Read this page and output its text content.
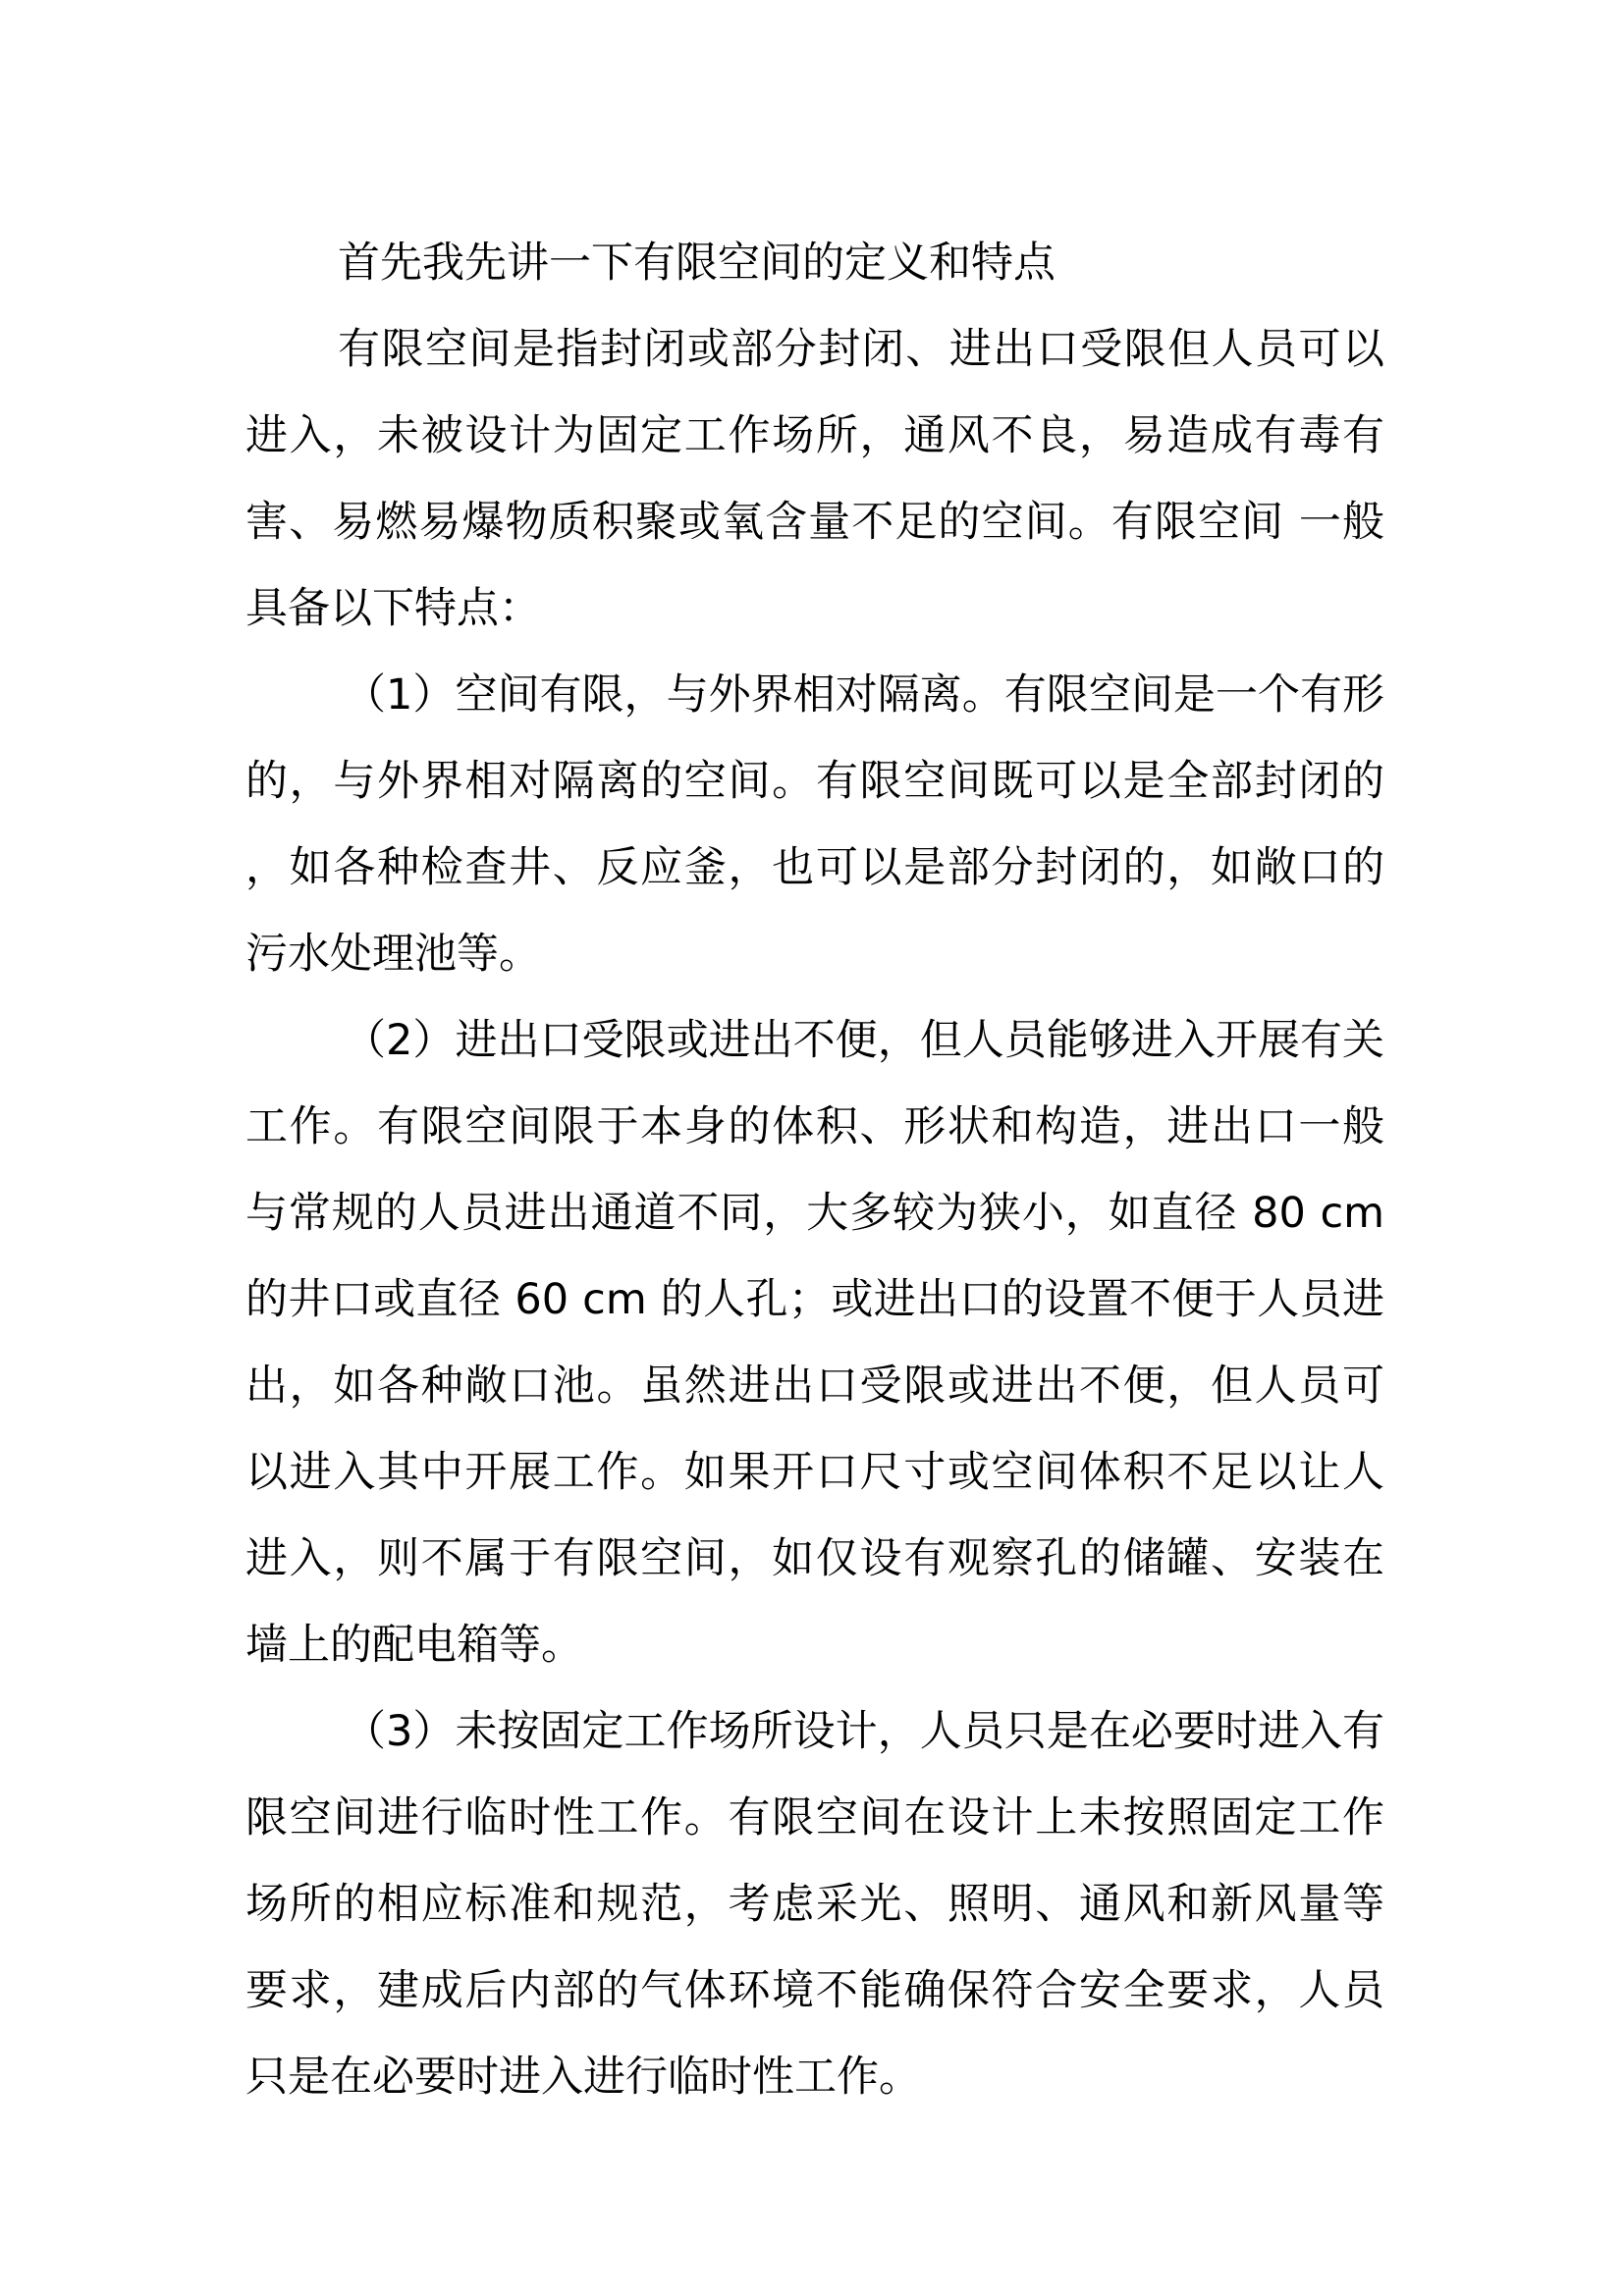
首先我先讲一下有限空间的定义和特点

有限空间是指封闭或部分封闭、进出口受限但人员可以进入，未被设计为固定工作场所，通风不良，易造成有毒有害、易燃易爆物质积聚或氧含量不足的空间。有限空间 一般具备以下特点：

（1）空间有限，与外界相对隔离。有限空间是一个有形的，与外界相对隔离的空间。有限空间既可以是全部封闭的，如各种检查井、反应釜，也可以是部分封闭的，如敞口的污水处理池等。

（2）进出口受限或进出不便，但人员能够进入开展有关工作。有限空间限于本身的体积、形状和构造，进出口一般与常规的人员进出通道不同，大多较为狭小，如直径 80 cm 的井口或直径 60 cm 的人孔；或进出口的设置不便于人员进出，如各种敞口池。虽然进出口受限或进出不便，但人员可以进入其中开展工作。如果开口尺寸或空间体积不足以让人进入，则不属于有限空间，如仅设有观察孔的储罐、安装在墙上的配电箱等。

（3）未按固定工作场所设计，人员只是在必要时进入有限空间进行临时性工作。有限空间在设计上未按照固定工作场所的相应标准和规范，考虑采光、照明、通风和新风量等要求，建成后内部的气体环境不能确保符合安全要求，人员只是在必要时进入进行临时性工作。
